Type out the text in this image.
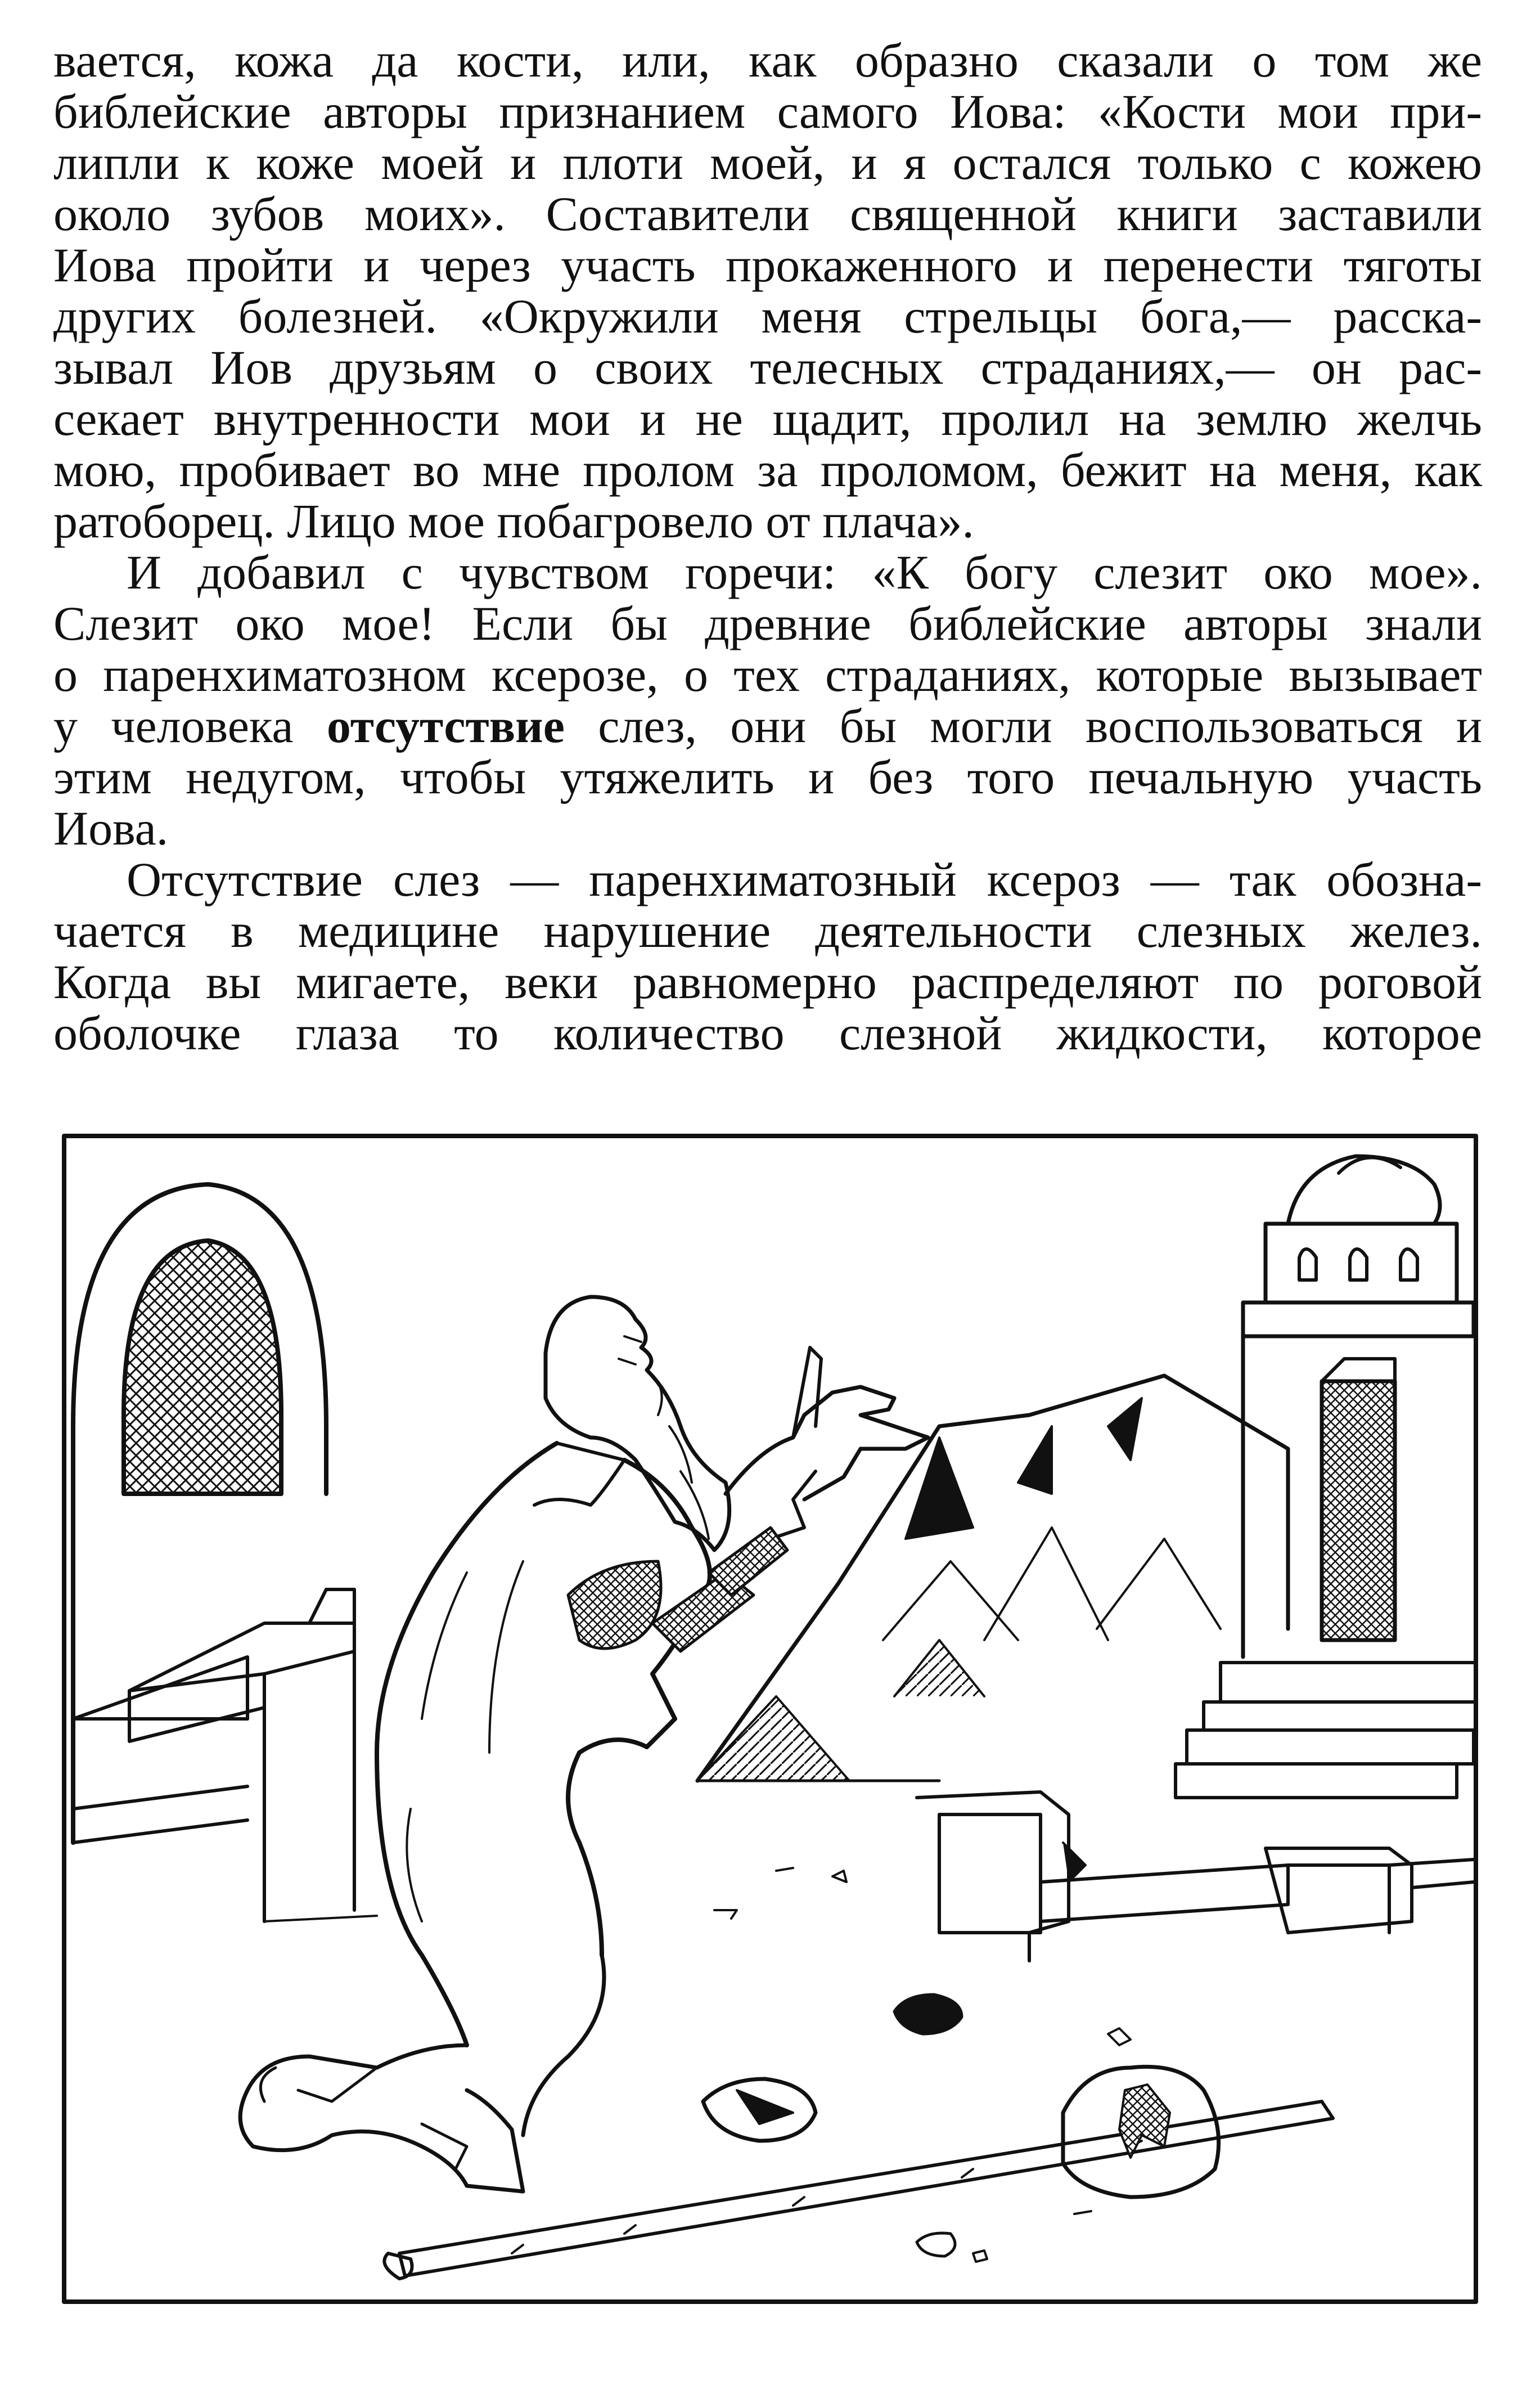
вается, кожа да кости, или, как образно сказали о том же
библейские авторы признанием самого Иова: «Кости мои при-
липли к коже моей и плоти моей, и я остался только с кожею
около зубов моих». Составители священной книги заставили
Иова пройти и через участь прокаженного и перенести тяготы
других болезней. «Окружили меня стрельцы бога,— расска-
зывал Иов друзьям о своих телесных страданиях,— он рас-
секает внутренности мои и не щадит, пролил на землю желчь
мою, пробивает во мне пролом за проломом, бежит на меня, как
ратоборец. Лицо мое побагровело от плача».
И добавил с чувством горечи: «К богу слезит око мое».
Слезит око мое! Если бы древние библейские авторы знали
о паренхиматозном ксерозе, о тех страданиях, которые вызывает
у человека отсутствие слез, они бы могли воспользоваться и
этим недугом, чтобы утяжелить и без того печальную участь
Иова.
Отсутствие слез — паренхиматозный ксероз — так обозна-
чается в медицине нарушение деятельности слезных желез.
Когда вы мигаете, веки равномерно распределяют по роговой
оболочке глаза то количество слезной жидкости, которое
